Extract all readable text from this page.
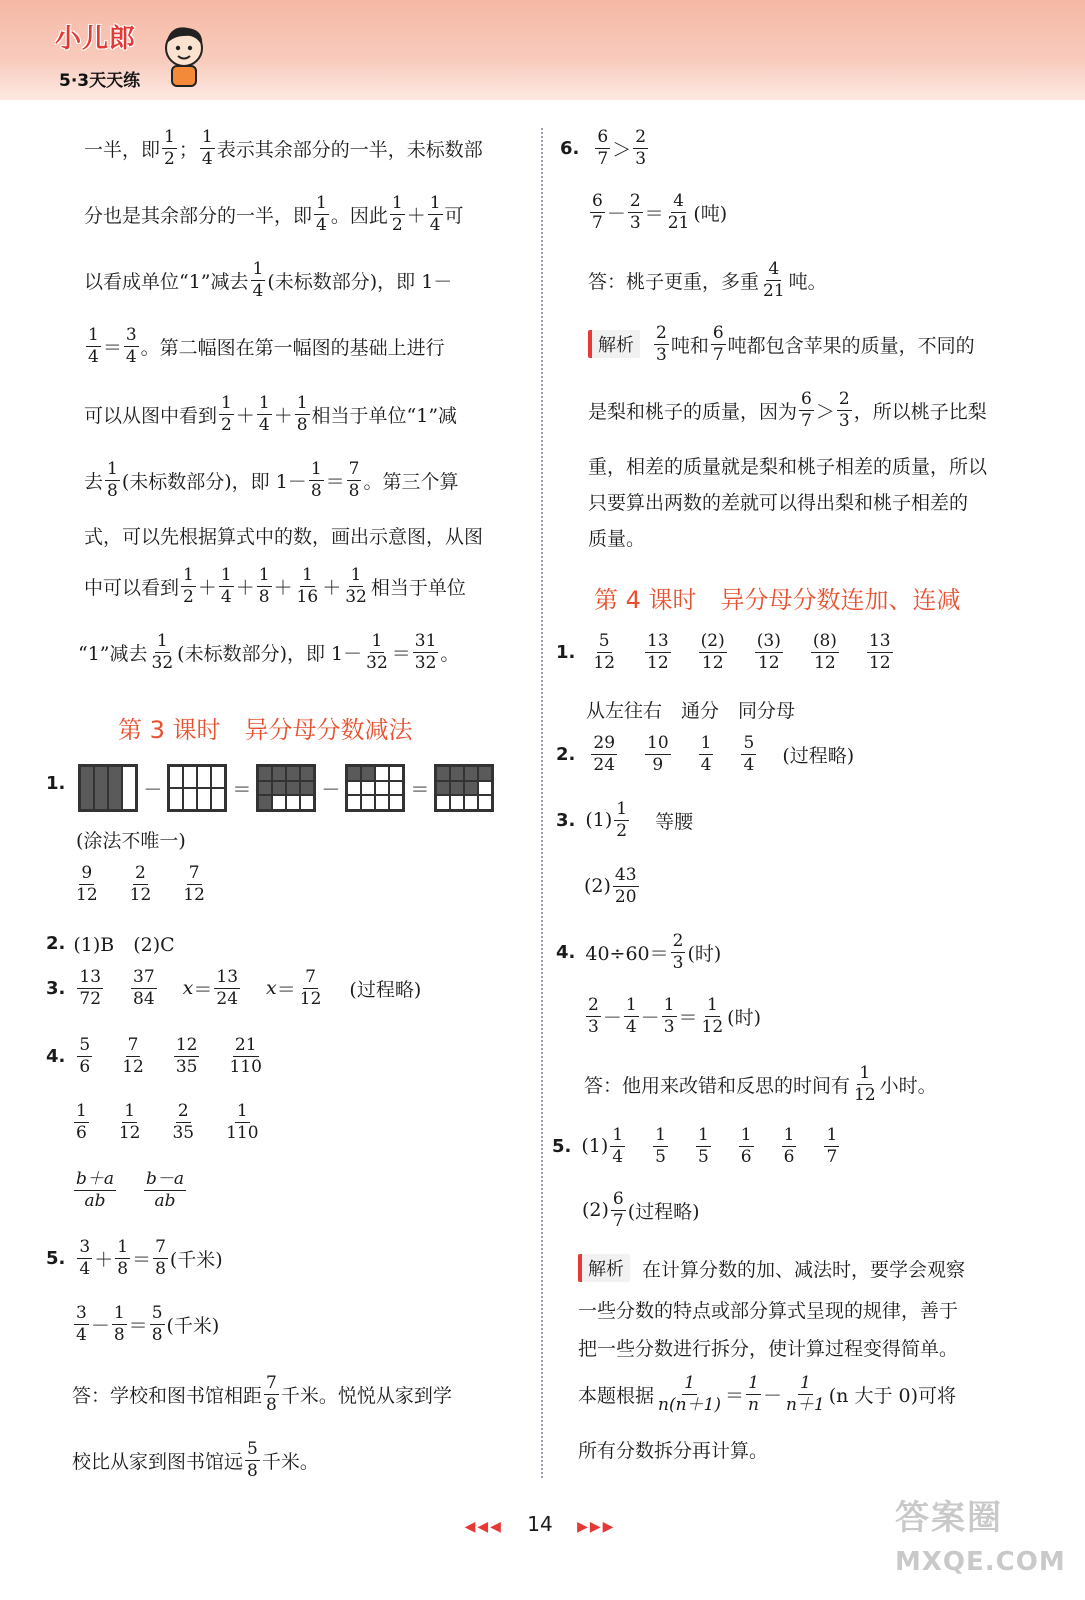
小儿郎
5·3天天练
一半，即 $\frac{1}{2}$ ； $\frac{1}{4}$ 表示其余部分的一半，未标数部
分也是其余部分的一半，即 $\frac{1}{4}$ 。因此 $\frac{1}{2} + \frac{1}{4}$ 可
以看成单位“1”减去 $\frac{1}{4}$ (未标数部分)，即 1－
$\frac{1}{4} = \frac{3}{4}$ 。第二幅图在第一幅图的基础上进行
可以从图中看到 $\frac{1}{2} + \frac{1}{4} + \frac{1}{8}$ 相当于单位“1”减
去 $\frac{1}{8}$ (未标数部分)，即 $1- \frac{1}{8} = \frac{7}{8}$ 。第三个算
式，可以先根据算式中的数，画出示意图，从图
中可以看到 $\frac{1}{2} + \frac{1}{4} + \frac{1}{8} + \frac{1}{16} + \frac{1}{32}$ 相当于单位
“1”减去 $\frac{1}{32}$ (未标数部分)，即 $1- \frac{1}{32} = \frac{31}{32}$ 。
第 3 课时　异分母分数减法
1.	－	＝	－	＝
(涂法不唯一)
$\frac{9}{12} \frac{2}{12} \frac{7}{12}$
2. (1)B　(2)C
3. $\frac{13}{72} \frac{37}{84}$ $x = \frac{13}{24}$ $x = \frac{7}{12}$ (过程略)
4. $\frac{5}{6} \frac{7}{12} \frac{12}{35} \frac{21}{110}$
$\frac{1}{6} \frac{1}{12} \frac{2}{35} \frac{1}{110}$
$\frac{b+a}{ab} \frac{b-a}{ab}$
5. $\frac{3}{4} + \frac{1}{8} = \frac{7}{8}$ (千米)
$\frac{3}{4} - \frac{1}{8} = \frac{5}{8}$ (千米)
答：学校和图书馆相距 $\frac{7}{8}$ 千米。悦悦从家到学
校比从家到图书馆远 $\frac{5}{8}$ 千米。
6. $\frac{6}{7} > \frac{2}{3}$
$\frac{6}{7} - \frac{2}{3} = \frac{4}{21}$ (吨)
答：桃子更重，多重 $\frac{4}{21}$ 吨。
解析	$\frac{2}{3}$ 吨和 $\frac{6}{7}$ 吨都包含苹果的质量，不同的
是梨和桃子的质量，因为 $\frac{6}{7} > \frac{2}{3}$ ，所以桃子比梨
重，相差的质量就是梨和桃子相差的质量，所以
只要算出两数的差就可以得出梨和桃子相差的
质量。
第 4 课时　异分母分数连加、连减
1. $\frac{5}{12} \frac{13}{12} \frac{(2)}{12} \frac{(3)}{12} \frac{(8)}{12} \frac{13}{12}$
从左往右　通分　同分母
2. $\frac{29}{24} \frac{10}{9} \frac{1}{4} \frac{5}{4}$ (过程略)
3. $(1) \frac{1}{2}$ 等腰
$(2) \frac{43}{20}$
4. $40\div 60= \frac{2}{3}$ (时)
$\frac{2}{3} - \frac{1}{4} - \frac{1}{3} = \frac{1}{12}$ (时)
答：他用来改错和反思的时间有 $\frac{1}{12}$ 小时。
5. $(1) \frac{1}{4} \frac{1}{5} \frac{1}{5} \frac{1}{6} \frac{1}{6} \frac{1}{7}$
$(2) \frac{6}{7}$ (过程略)
解析 在计算分数的加、减法时，要学会观察
一些分数的特点或部分算式呈现的规律，善于
把一些分数进行拆分，使计算过程变得简单。
本题根据 $\frac{1}{n(n+1)} = \frac{1}{n} - \frac{1}{n+1} (n$ 大于 0)可将
所有分数拆分再计算。
◀◀◀ 14 ▶▶▶	答案圈
MXQE.COM
